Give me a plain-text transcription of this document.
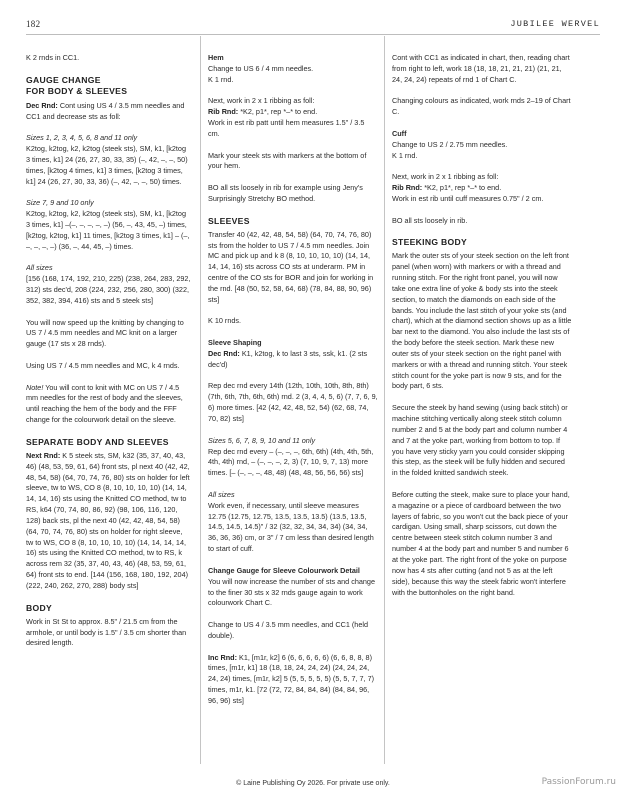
182	JUBILEE WERVEL

K 2 rnds in CC1.

GAUGE CHANGE
FOR BODY & SLEEVES

Dec Rnd: Cont using US 4 / 3.5 mm needles and CC1 and decrease sts as foll:

Sizes 1, 2, 3, 4, 5, 6, 8 and 11 only

K2tog, k2tog, k2, k2tog (steek sts), SM, k1, [k2tog 3 times, k1] 24 (26, 27, 30, 33, 35) (–, 42, –, –, 50) times, [k2tog 4 times, k1] 3 times, [k2tog 3 times, k1] 24 (26, 27, 30, 33, 36) (–, 42, –, –, 50) times.

Size 7, 9 and 10 only

K2tog, k2tog, k2, k2tog (steek sts), SM, k1, [k2tog 3 times, k1] –(–, –, –, –, –) (56, –, 43, 45, –) times, [k2tog, k2tog, k1] 11 times, [k2tog 3 times, k1] – (–, –, –, –, –) (36, –, 44, 45, –) times.

All sizes

[156 (168, 174, 192, 210, 225) (238, 264, 283, 292, 312) sts dec'd, 208 (224, 232, 256, 280, 300) (322, 352, 382, 394, 416) sts and 5 steek sts]

You will now speed up the knitting by changing to US 7 / 4.5 mm needles and MC knit on a larger gauge (17 sts x 28 rnds).

Using US 7 / 4.5 mm needles and MC, k 4 rnds.

Note! You will cont to knit with MC on US 7 / 4.5 mm needles for the rest of body and the sleeves, until reaching the hem of the body and the FFF change for the colourwork detail on the sleeve.

SEPARATE BODY AND SLEEVES

Next Rnd: K 5 steek sts, SM, k32 (35, 37, 40, 43, 46) (48, 53, 59, 61, 64) front sts, pl next 40 (42, 42, 48, 54, 58) (64, 70, 74, 76, 80) sts on holder for left sleeve, tw to WS, CO 8 (8, 10, 10, 10, 10) (14, 14, 14, 14, 16) sts using the Knitted CO method, tw to RS, k64 (70, 74, 80, 86, 92) (98, 106, 116, 120, 128) back sts, pl the next 40 (42, 42, 48, 54, 58) (64, 70, 74, 76, 80) sts on holder for right sleeve, tw to WS, CO 8 (8, 10, 10, 10, 10) (14, 14, 14, 14, 16) sts using the Knitted CO method, tw to RS, k across rem 32 (35, 37, 40, 43, 46) (48, 53, 59, 61, 64) front sts to end. [144 (156, 168, 180, 192, 204) (222, 240, 262, 270, 288) body sts]

BODY

Work in St St to approx. 8.5" / 21.5 cm from the armhole, or until body is 1.5" / 3.5 cm shorter than desired length.

Hem

Change to US 6 / 4 mm needles.

K 1 rnd.

Next, work in 2 x 1 ribbing as foll:

Rib Rnd: *K2, p1*, rep *–* to end.

Work in est rib patt until hem measures 1.5" / 3.5 cm.

Mark your steek sts with markers at the bottom of your hem.

BO all sts loosely in rib for example using Jeny's Surprisingly Stretchy BO method.

SLEEVES

Transfer 40 (42, 42, 48, 54, 58) (64, 70, 74, 76, 80) sts from the holder to US 7 / 4.5 mm needles. Join MC and pick up and k 8 (8, 10, 10, 10, 10) (14, 14, 14, 14, 16) sts across CO sts at underarm. PM in centre of the CO sts for BOR and join for working in the rnd. [48 (50, 52, 58, 64, 68) (78, 84, 88, 90, 96) sts]

K 10 rnds.

Sleeve Shaping

Dec Rnd: K1, k2tog, k to last 3 sts, ssk, k1. (2 sts dec'd)

Rep dec rnd every 14th (12th, 10th, 10th, 8th, 8th) (7th, 6th, 7th, 6th, 6th) rnd. 2 (3, 4, 4, 5, 6) (7, 7, 6, 9, 6) more times. [42 (42, 42, 48, 52, 54) (62, 68, 74, 70, 82) sts]

Sizes 5, 6, 7, 8, 9, 10 and 11 only

Rep dec rnd every – (–, –, –, 6th, 6th) (4th, 4th, 5th, 4th, 4th) rnd, – (–, –, –, 2, 3) (7, 10, 9, 7, 13) more times. [– (–, –, –, 48, 48) (48, 48, 56, 56, 56) sts]

All sizes

Work even, if necessary, until sleeve measures 12.75 (12.75, 12.75, 13.5, 13.5, 13.5) (13.5, 13.5, 14.5, 14.5, 14.5)" / 32 (32, 32, 34, 34, 34) (34, 34, 36, 36, 36) cm, or 3" / 7 cm less than desired length to start of cuff.

Change Gauge for Sleeve Colourwork Detail

You will now increase the number of sts and change to the finer 30 sts x 32 rnds gauge again to work colourwork Chart C.

Change to US 4 / 3.5 mm needles, and CC1 (held double).

Inc Rnd: K1, [m1r, k2] 6 (6, 6, 6, 6, 6) (6, 6, 8, 8, 8) times, [m1r, k1] 18 (18, 18, 24, 24, 24) (24, 24, 24, 24, 24) times, [m1r, k2] 5 (5, 5, 5, 5, 5) (5, 5, 7, 7, 7) times, m1r, k1. [72 (72, 72, 84, 84, 84) (84, 84, 96, 96, 96) sts]

Cont with CC1 as indicated in chart, then, reading chart from right to left, work 18 (18, 18, 21, 21, 21) (21, 21, 24, 24, 24) repeats of rnd 1 of Chart C.

Changing colours as indicated, work rnds 2–19 of Chart C.

Cuff

Change to US 2 / 2.75 mm needles.

K 1 rnd.

Next, work in 2 x 1 ribbing as foll:

Rib Rnd: *K2, p1*, rep *–* to end.

Work in est rib until cuff measures 0.75" / 2 cm.

BO all sts loosely in rib.

STEEKING BODY

Mark the outer sts of your steek section on the left front panel (when worn) with markers or with a thread and running stitch. For the right front panel, you will now take one extra line of yoke & body sts into the steek section, to match the diamonds on each side of the bands. You include the last stitch of your yoke sts (and chart), which at the diamond section shows up as a little bar next to the diamond. You also include the last sts of the body before the steek section. Mark these new outer sts of your steek section on the right panel with markers or with a thread and running stitch. Your steek stitch count for the yoke part is now 9 sts, and for the body part, 6 sts.

Secure the steek by hand sewing (using back stitch) or machine stitching vertically along steek stitch column number 2 and 5 at the body part and column number 4 and 7 at the yoke part, working from bottom to top. If you have very sticky yarn you could consider skipping this step, as the steek will be fully hidden and secured in the folded knitted sandwich steek.

Before cutting the steek, make sure to place your hand, a magazine or a piece of cardboard between the two layers of fabric, so you won't cut the back piece of your cardigan. Using small, sharp scissors, cut down the centre between steek stitch column number 3 and number 4 at the body part and number 5 and number 6 at the yoke part. The right front of the yoke on purpose now has 4 sts after cutting (and not 5 as at the left side), because this way the steek fabric won't interfere with the buttonholes on the right band.

© Laine Publishing Oy 2026. For private use only.	PassionForum.ru
